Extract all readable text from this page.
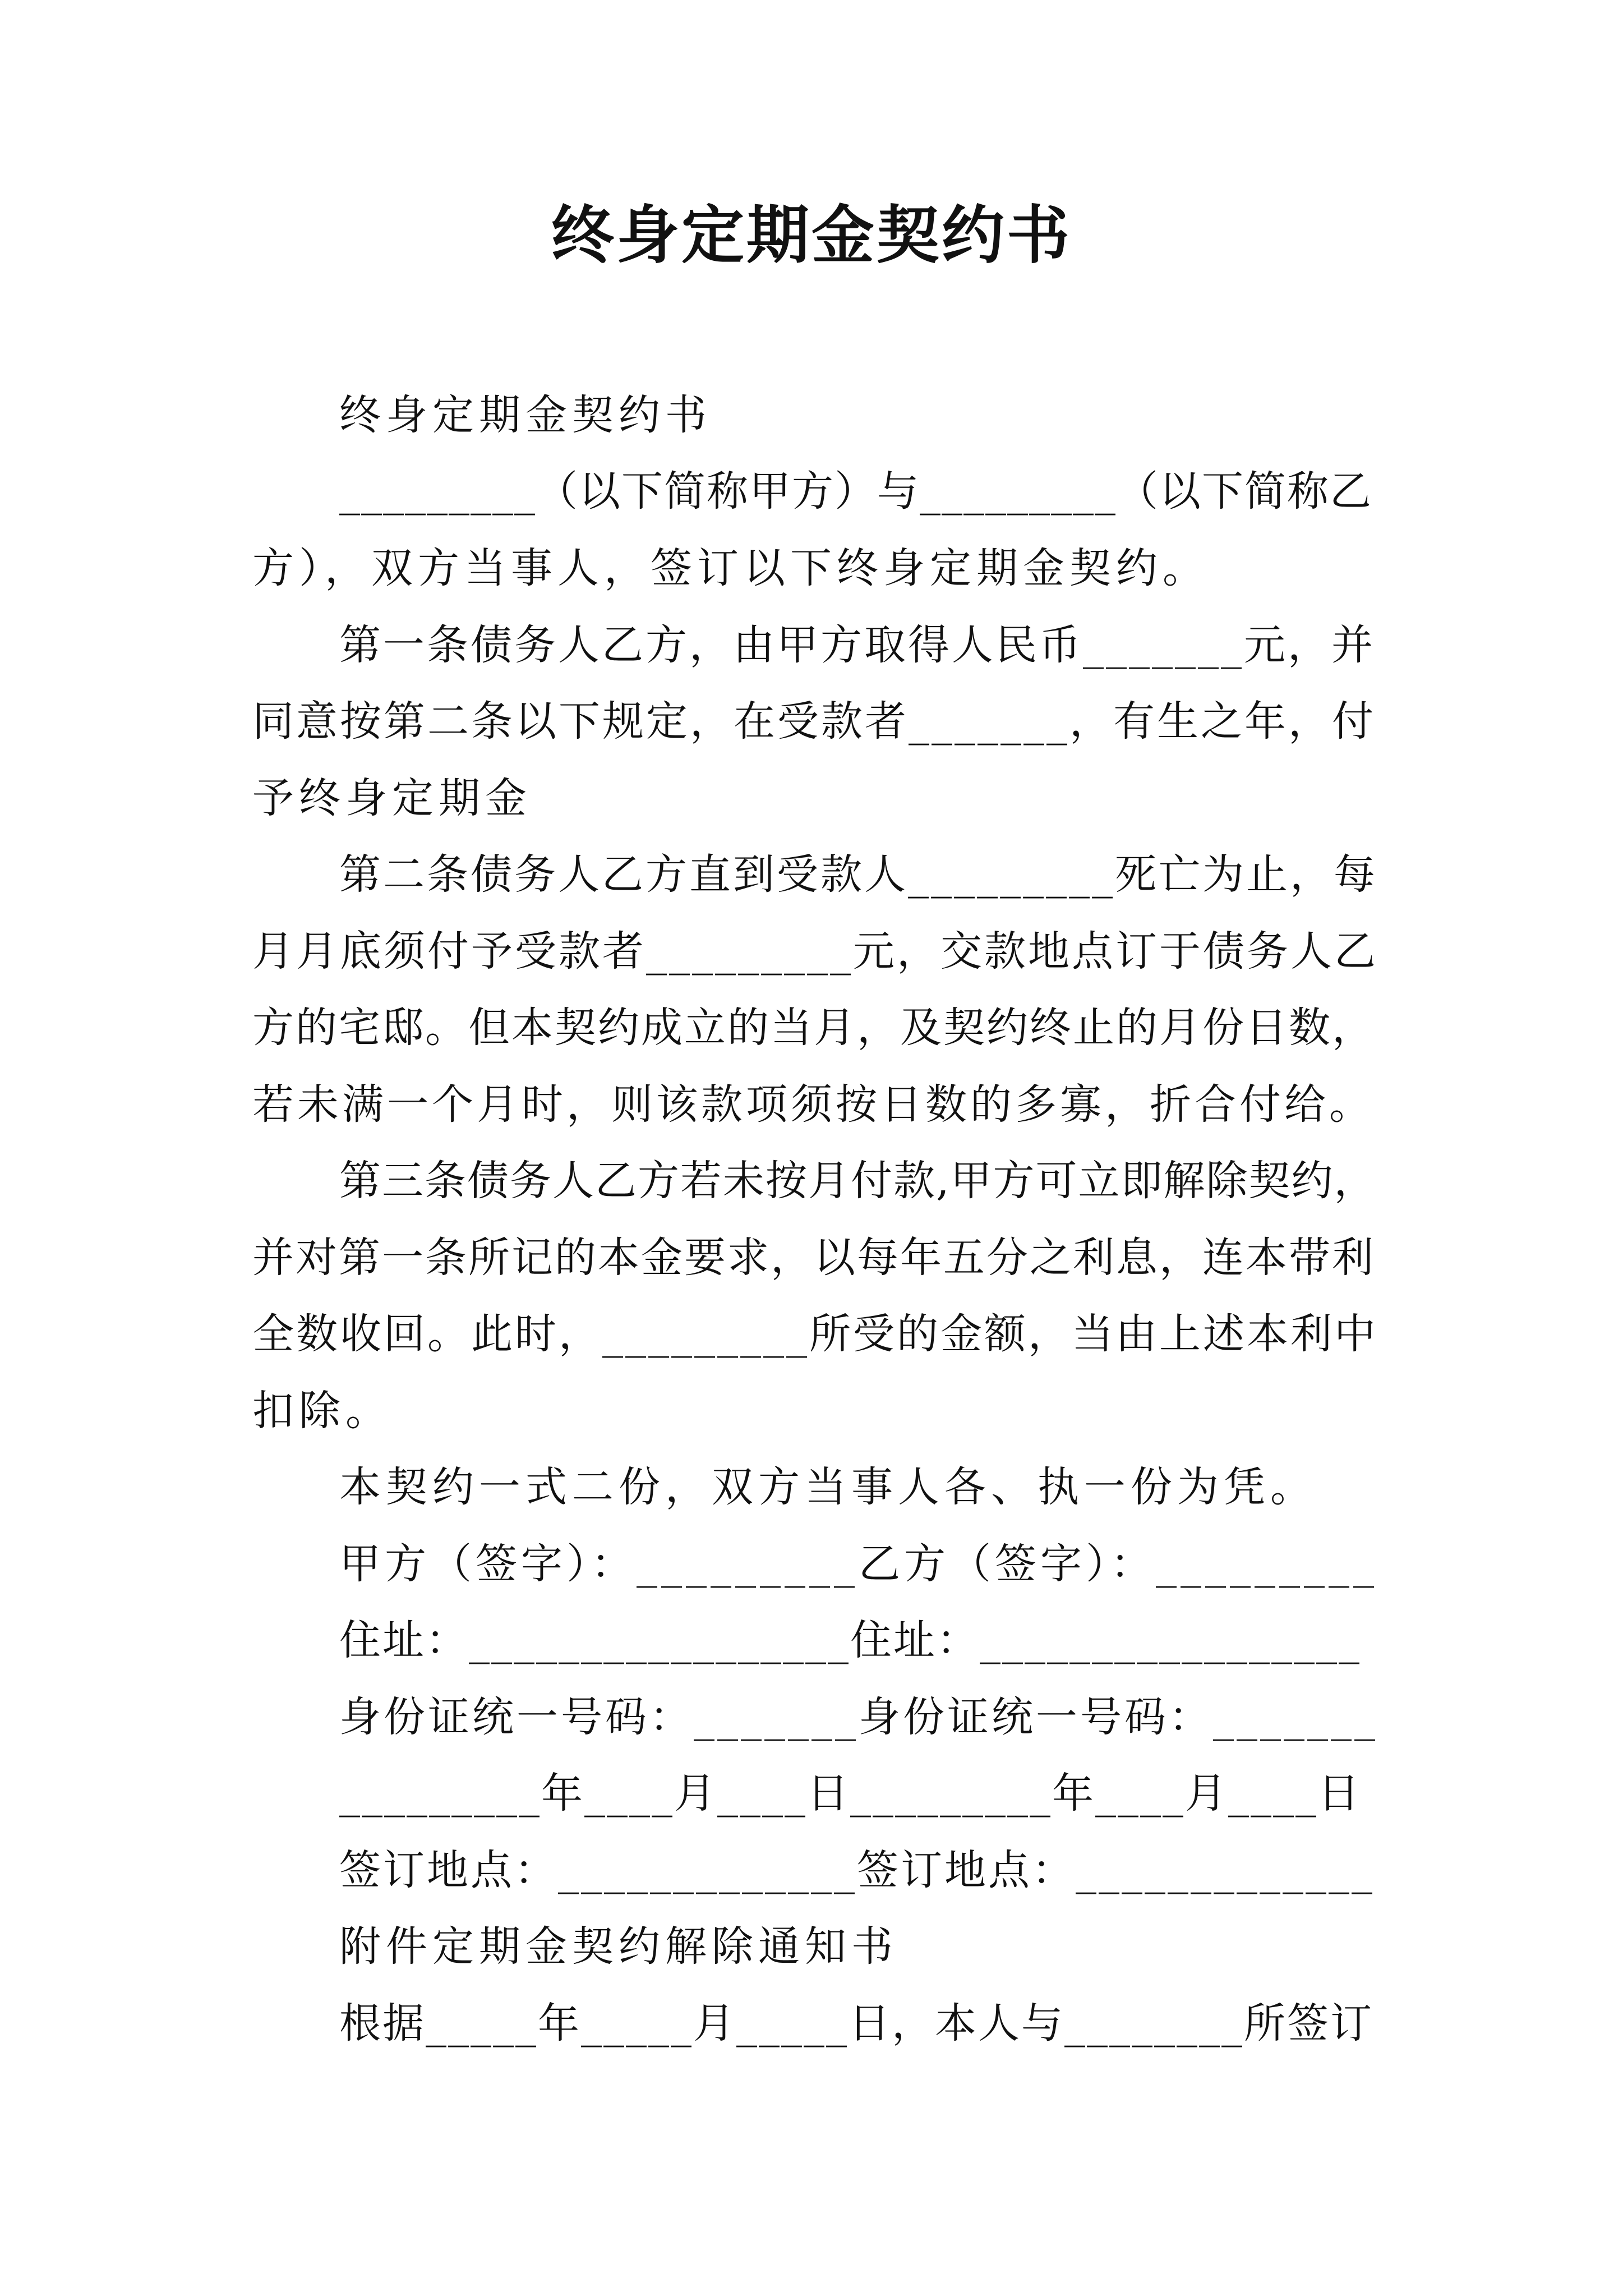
终身定期金契约书
终身定期金契约书
_________（以下简称甲方）与_________（以下简称乙
方），双方当事人，签订以下终身定期金契约。
第一条债务人乙方，由甲方取得人民币_______元，并
同意按第二条以下规定，在受款者_______，有生之年，付
予终身定期金
第二条债务人乙方直到受款人_________死亡为止，每
月月底须付予受款者_________元，交款地点订于债务人乙
方的宅邸。但本契约成立的当月，及契约终止的月份日数，
若未满一个月时，则该款项须按日数的多寡，折合付给。
第三条债务人乙方若未按月付款,甲方可立即解除契约，
并对第一条所记的本金要求，以每年五分之利息，连本带利
全数收回。此时，_________所受的金额，当由上述本利中
扣除。
本契约一式二份，双方当事人各、执一份为凭。
甲方（签字）：_________乙方（签字）：_________
住址：_________________住址：_________________
身份证统一号码：_______身份证统一号码：_______
_________年____月____日_________年____月____日
签订地点：_____________签订地点：_____________
附件定期金契约解除通知书
根据_____年_____月_____日，本人与________所签订
